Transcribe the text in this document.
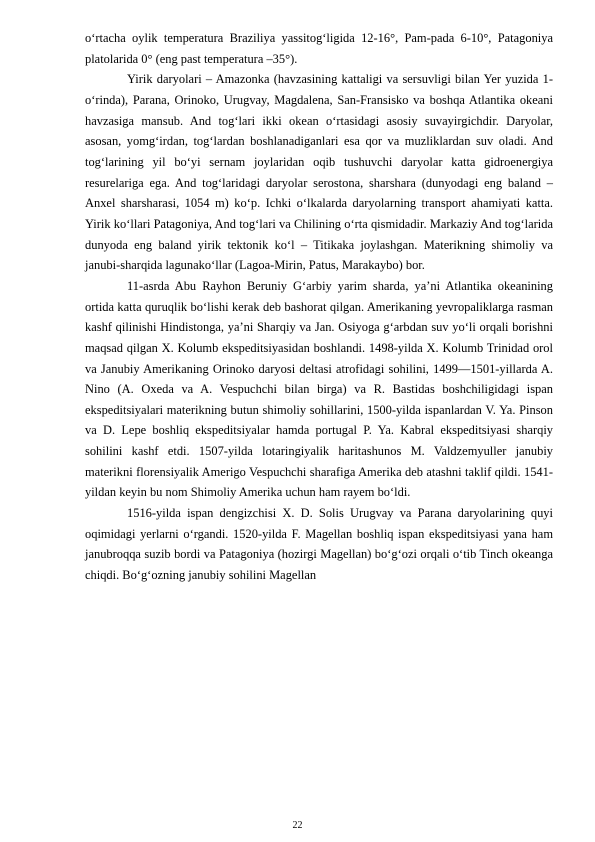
oʻrtacha oylik temperatura Braziliya yassitogʻligida 12-16°, Pam-pada 6-10°, Patagoniya platolarida 0° (eng past temperatura –35°).

Yirik daryolari – Amazonka (havzasining kattaligi va sersuvligi bilan Yer yuzida 1-oʻrinda), Parana, Orinoko, Urugvay, Magdalena, San-Fransisko va boshqa Atlantika okeani havzasiga mansub. And togʻlari ikki okean oʻrtasidagi asosiy suvayirgichdir. Daryolar, asosan, yomgʻirdan, togʻlardan boshlanadiganlari esa qor va muzliklardan suv oladi. And togʻlarining yil boʻyi sernam joylaridan oqib tushuvchi daryolar katta gidroenergiya resurelariga ega. And togʻlaridagi daryolar serostona, sharshara (dunyodagi eng baland – Anxel sharsharasi, 1054 m) koʻp. Ichki oʻlkalarda daryolarning transport ahamiyati katta. Yirik koʻllari Patagoniya, And togʻlari va Chilining oʻrta qismidadir. Markaziy And togʻlarida dunyoda eng baland yirik tektonik koʻl – Titikaka joylashgan. Materikning shimoliy va janubi-sharqida lagunakoʻllar (Lagoa-Mirin, Patus, Marakaybo) bor.

11-asrda Abu Rayhon Beruniy Gʻarbiy yarim sharda, yaʼni Atlantika okeanining ortida katta quruqlik boʻlishi kerak deb bashorat qilgan. Amerikaning yevropaliklarga rasman kashf qilinishi Hindistonga, yaʼni Sharqiy va Jan. Osiyoga gʻarbdan suv yoʻli orqali borishni maqsad qilgan X. Kolumb ekspeditsiyasidan boshlandi. 1498-yilda X. Kolumb Trinidad orol va Janubiy Amerikaning Orinoko daryosi deltasi atrofidagi sohilini, 1499—1501-yillarda A. Nino (A. Oxeda va A. Vespuchchi bilan birga) va R. Bastidas boshchiligidagi ispan ekspeditsiyalari materikning butun shimoliy sohillarini, 1500-yilda ispanlardan V. Ya. Pinson va D. Lepe boshliq ekspeditsiyalar hamda portugal P. Ya. Kabral ekspeditsiyasi sharqiy sohilini kashf etdi. 1507-yilda lotaringiyalik haritashunos M. Valdzemyuller janubiy materikni florensiyalik Amerigo Vespuchchi sharafiga Amerika deb atashni taklif qildi. 1541-yildan keyin bu nom Shimoliy Amerika uchun ham rayem boʻldi.

1516-yilda ispan dengizchisi X. D. Solis Urugvay va Parana daryolarining quyi oqimidagi yerlarni oʻrgandi. 1520-yilda F. Magellan boshliq ispan ekspeditsiyasi yana ham janubroqqa suzib bordi va Patagoniya (hozirgi Magellan) boʻgʻozi orqali oʻtib Tinch okeanga chiqdi. Boʻgʻozning janubiy sohilini Magellan

22
